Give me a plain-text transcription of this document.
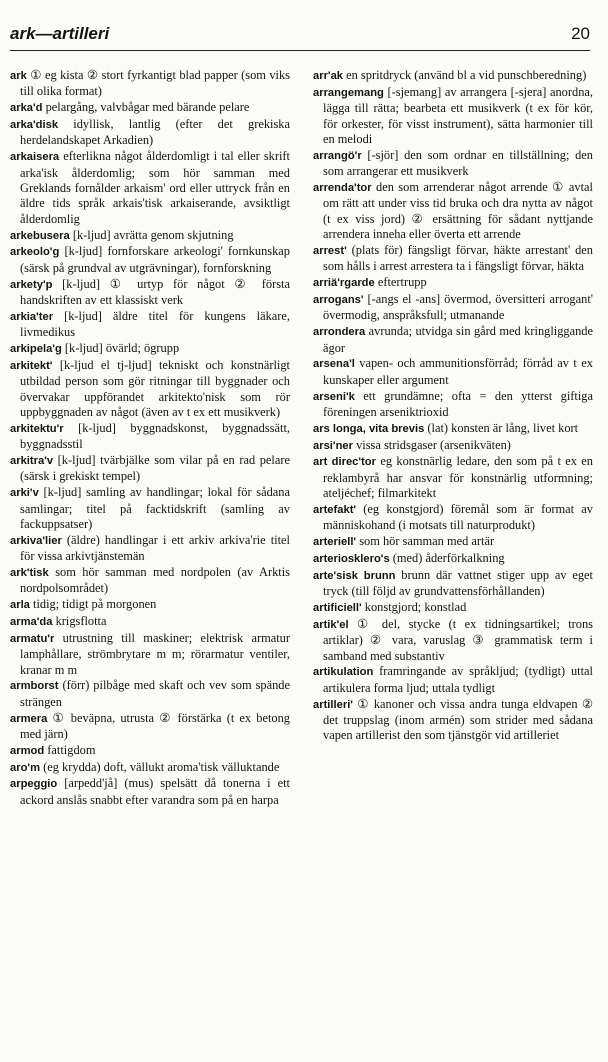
ark—artilleri	20

ark ① eg kista ② stort fyrkantigt blad papper (som viks till olika format)

arka'd pelargång, valvbågar med bärande pelare

arka'disk idyllisk, lantlig (efter det grekiska herdelandskapet Arkadien)

arkaisera efterlikna något ålderdomligt i tal eller skrift arka'isk ålderdomlig; som hör samman med Greklands fornålder arkaism' ord eller uttryck från en äldre tids språk arkais'tisk arkaiserande, avsiktligt ålderdomlig

arkebusera [k-ljud] avrätta genom skjutning

arkeolo'g [k-ljud] fornforskare arkeologi' fornkunskap (särsk på grundval av utgrävningar), fornforskning

arkety'p [k-ljud] ① urtyp för något ② första handskriften av ett klassiskt verk

arkia'ter [k-ljud] äldre titel för kungens läkare, livmedikus

arkipela'g [k-ljud] övärld; ögrupp

arkitekt' [k-ljud el tj-ljud] tekniskt och konstnärligt utbildad person som gör ritningar till byggnader och övervakar uppförandet arkitekto'nisk som rör uppbyggnaden av något (även av t ex ett musikverk)

arkitektu'r [k-ljud] byggnadskonst, byggnadssätt, byggnadsstil

arkitra'v [k-ljud] tvärbjälke som vilar på en rad pelare (särsk i grekiskt tempel)

arki'v [k-ljud] samling av handlingar; lokal för sådana samlingar; titel på facktidskrift (samling av fackuppsatser)

arkiva'lier (äldre) handlingar i ett arkiv arkiva'rie titel för vissa arkivtjänstemän

ark'tisk som hör samman med nordpolen (av Arktis nordpolsområdet)

arla tidig; tidigt på morgonen

arma'da krigsflotta

armatu'r utrustning till maskiner; elektrisk armatur lamphållare, strömbrytare m m; rörarmatur ventiler, kranar m m

armborst (förr) pilbåge med skaft och vev som spände strängen

armera ① beväpna, utrusta ② förstärka (t ex betong med järn)

armod fattigdom

aro'm (eg krydda) doft, vällukt aroma'tisk välluktande

arpeggio [arpedd'jå] (mus) spelsätt då tonerna i ett ackord anslås snabbt efter varandra som på en harpa

arr'ak en spritdryck (använd bl a vid punschberedning)

arrangemang [-sjemang] av arrangera [-sjera] anordna, lägga till rätta; bearbeta ett musikverk (t ex för kör, för orkester, för visst instrument), sätta harmonier till en melodi

arrangö'r [-sjör] den som ordnar en tillställning; den som arrangerar ett musikverk

arrenda'tor den som arrenderar något arrende ① avtal om rätt att under viss tid bruka och dra nytta av något (t ex viss jord) ② ersättning för sådant nyttjande arrendera inneha eller överta ett arrende

arrest' (plats för) fängsligt förvar, häkte arrestant' den som hålls i arrest arrestera ta i fängsligt förvar, häkta

arriä'rgarde eftertrupp

arrogans' [-angs el -ans] övermod, översitteri arrogant' övermodig, anspråksfull; utmanande

arrondera avrunda; utvidga sin gård med kringliggande ägor

arsena'l vapen- och ammunitionsförråd; förråd av t ex kunskaper eller argument

arseni'k ett grundämne; ofta = den ytterst giftiga föreningen arseniktrioxid

ars longa, vita brevis (lat) konsten är lång, livet kort

arsi'ner vissa stridsgaser (arsenikväten)

art direc'tor eg konstnärlig ledare, den som på t ex en reklambyrå har ansvar för konstnärlig utformning; ateljéchef; filmarkitekt

artefakt' (eg konstgjord) föremål som är format av människohand (i motsats till naturprodukt)

arteriell' som hör samman med artär

arteriosklero's (med) åderförkalkning

arte'sisk brunn brunn där vattnet stiger upp av eget tryck (till följd av grundvattensförhållanden)

artificiell' konstgjord; konstlad

artik'el ① del, stycke (t ex tidningsartikel; trons artiklar) ② vara, varuslag ③ grammatisk term i samband med substantiv

artikulation framringande av språkljud; (tydligt) uttal artikulera forma ljud; uttala tydligt

artilleri' ① kanoner och vissa andra tunga eldvapen ② det truppslag (inom armén) som strider med sådana vapen artillerist den som tjänstgör vid artilleriet
